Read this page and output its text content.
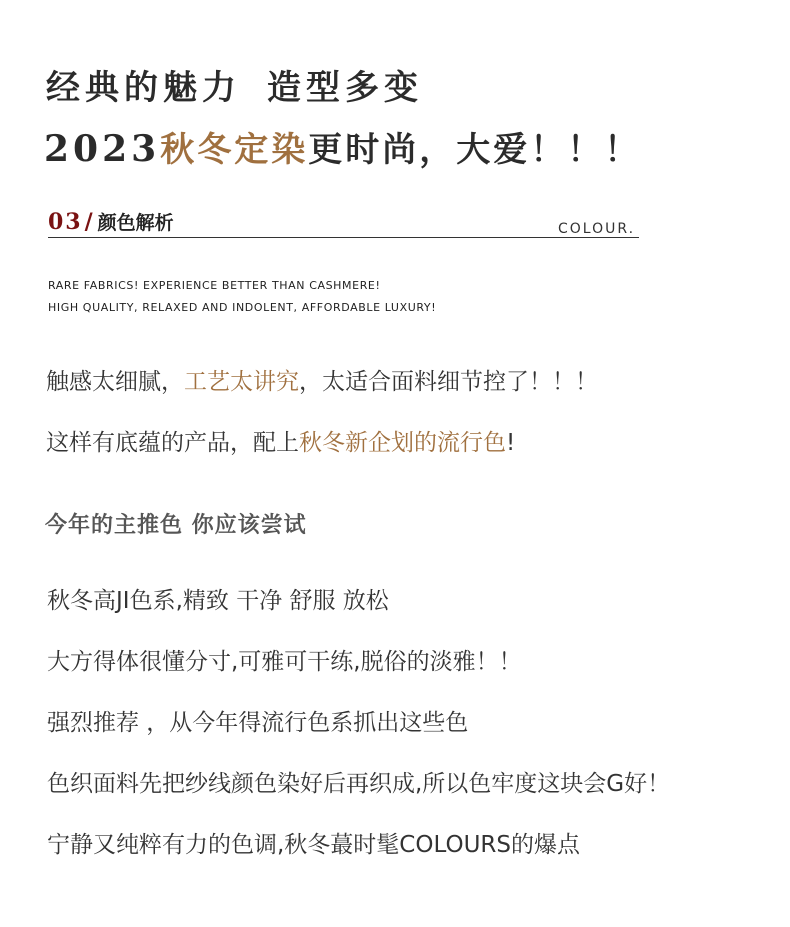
经典的魅力 造型多变
2023秋冬定染更时尚，大爱！！！
03/ 颜色解析	COLOUR.
RARE FABRICS! EXPERIENCE BETTER THAN CASHMERE!
HIGH QUALITY, RELAXED AND INDOLENT, AFFORDABLE LUXURY!
触感太细腻，工艺太讲究，太适合面料细节控了！！！
这样有底蕴的产品，配上秋冬新企划的流行色!
今年的主推色 你应该尝试
秋冬高JI色系,精致 干净 舒服 放松
大方得体很懂分寸,可雅可干练,脱俗的淡雅！！
强烈推荐 ，从今年得流行色系抓出这些色
色织面料先把纱线颜色染好后再织成,所以色牢度这块会G好！
宁静又纯粹有力的色调,秋冬蕞时髦COLOURS的爆点
